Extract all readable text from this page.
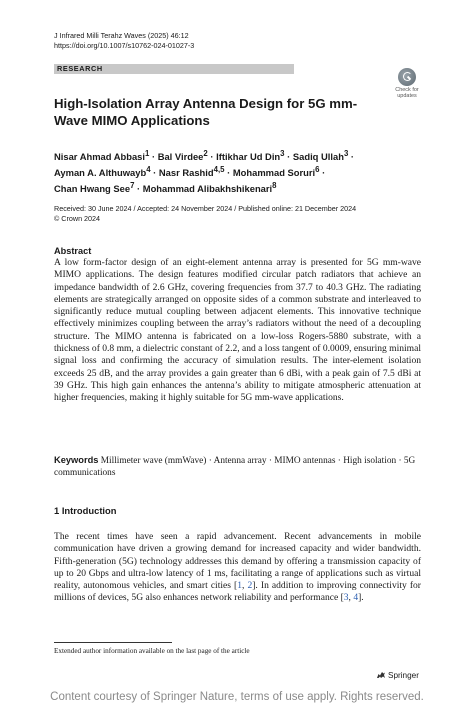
J Infrared Milli Terahz Waves (2025) 46:12
https://doi.org/10.1007/s10762-024-01027-3
RESEARCH
Check for
updates
High-Isolation Array Antenna Design for 5G mm-Wave MIMO Applications
Nisar Ahmad Abbasi$^1$ · Bal Virdee$^2$ · Iftikhar Ud Din$^3$ · Sadiq Ullah$^3$ ·
Ayman A. Althuwayb$^4$ · Nasr Rashid$^{4,5}$ · Mohammad Soruri$^6$ ·
Chan Hwang See$^7$ · Mohammad Alibakhshikenari$^8$
Received: 30 June 2024 / Accepted: 24 November 2024 / Published online: 21 December 2024
© Crown 2024
Abstract
A low form-factor design of an eight-element antenna array is presented for 5G mm-wave MIMO applications. The design features modified circular patch radiators that achieve an impedance bandwidth of 2.6 GHz, covering frequencies from 37.7 to 40.3 GHz. The radiating elements are strategically arranged on opposite sides of a common substrate and interleaved to significantly reduce mutual coupling between adjacent elements. This innovative technique effectively minimizes coupling between the array’s radiators without the need of a decoupling structure. The MIMO antenna is fabricated on a low-loss Rogers-5880 substrate, with a thickness of 0.8 mm, a dielectric constant of 2.2, and a loss tangent of 0.0009, ensuring minimal signal loss and confirming the accuracy of simulation results. The inter-element isolation exceeds 25 dB, and the array provides a gain greater than 6 dBi, with a peak gain of 7.5 dBi at 39 GHz. This high gain enhances the antenna’s ability to mitigate atmospheric attenuation at higher frequencies, making it highly suitable for 5G mm-wave applications.
Keywords Millimeter wave (mmWave) · Antenna array · MIMO antennas · High isolation · 5G communications
1 Introduction
The recent times have seen a rapid advancement. Recent advancements in mobile communication have driven a growing demand for increased capacity and wider bandwidth. Fifth-generation (5G) technology addresses this demand by offering a transmission capacity of up to 20 Gbps and ultra-low latency of 1 ms, facilitating a range of applications such as virtual reality, autonomous vehicles, and smart cities [1, 2]. In addition to improving connectivity for millions of devices, 5G also enhances network reliability and performance [3, 4].
Extended author information available on the last page of the article
Springer
Content courtesy of Springer Nature, terms of use apply. Rights reserved.
